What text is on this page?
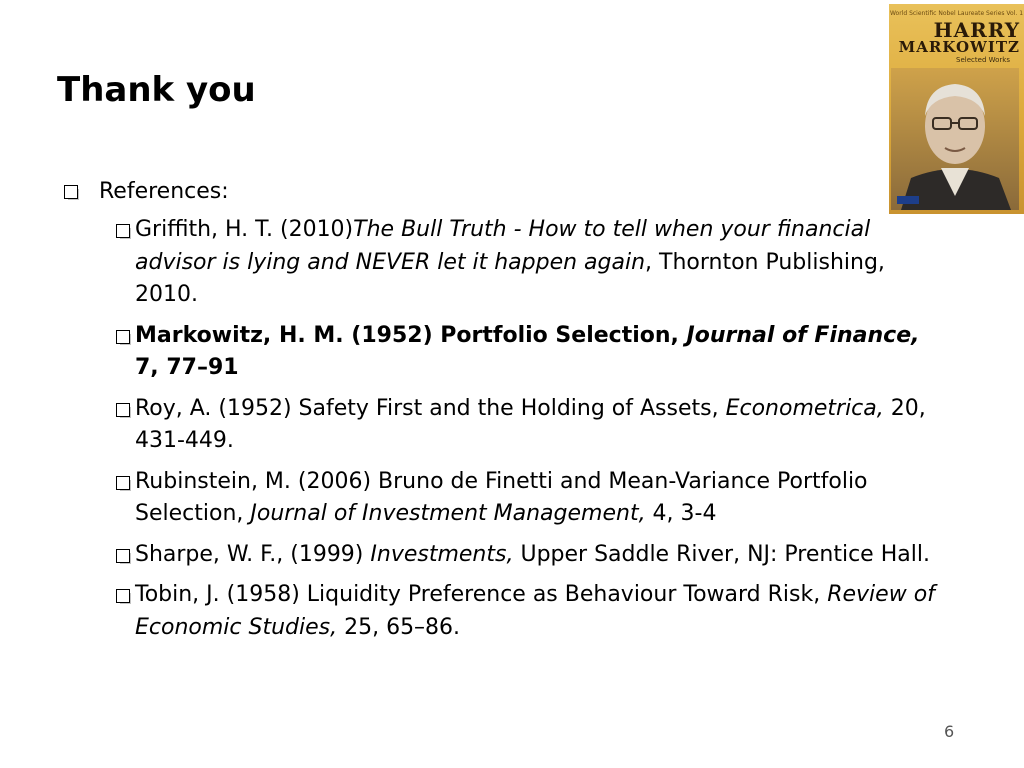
Thank you
World Scientific Nobel Laureate Series Vol. 1
HARRY
MARKOWITZ
Selected Works
References:
Griffith, H. T. (2010)The Bull Truth - How to tell when your financial advisor is lying and NEVER let it happen again, Thornton Publishing, 2010.
Markowitz, H. M. (1952) Portfolio Selection, Journal of Finance, 7, 77–91
Roy, A. (1952) Safety First and the Holding of Assets, Econometrica, 20, 431-449.
Rubinstein, M. (2006) Bruno de Finetti and Mean-Variance Portfolio Selection, Journal of Investment Management, 4, 3-4
Sharpe, W. F., (1999) Investments, Upper Saddle River, NJ: Prentice Hall.
Tobin, J. (1958) Liquidity Preference as Behaviour Toward Risk, Review of Economic Studies, 25, 65–86.
6
